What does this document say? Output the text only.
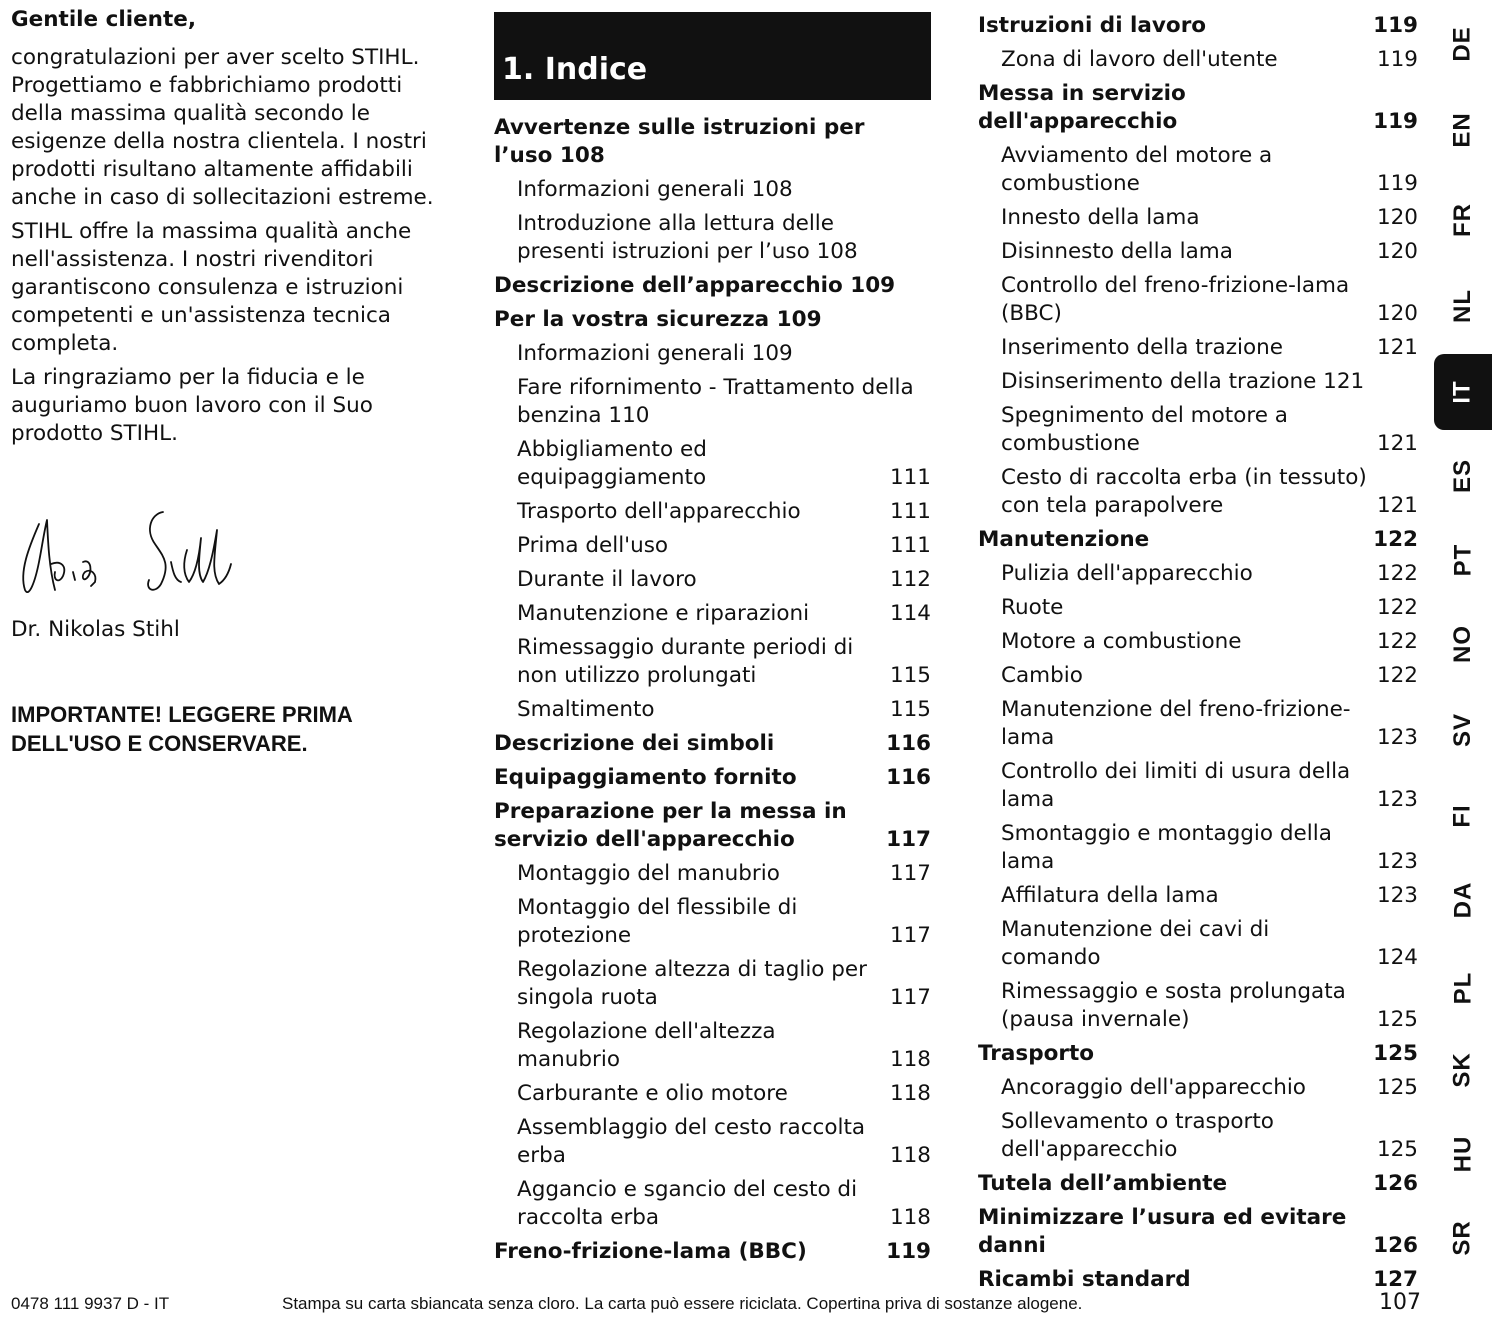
Gentile cliente,

congratulazioni per aver scelto STIHL. Progettiamo e fabbrichiamo prodotti della massima qualità secondo le esigenze della nostra clientela. I nostri prodotti risultano altamente affidabili anche in caso di sollecitazioni estreme.

STIHL offre la massima qualità anche nell'assistenza. I nostri rivenditori garantiscono consulenza e istruzioni competenti e un'assistenza tecnica completa.

La ringraziamo per la fiducia e le auguriamo buon lavoro con il Suo prodotto STIHL.

Dr. Nikolas Stihl
IMPORTANTE! LEGGERE PRIMA DELL'USO E CONSERVARE.
1. Indice
Avvertenze sulle istruzioni per l’uso 108
Informazioni generali 108
Introduzione alla lettura delle presenti istruzioni per l’uso 108
Descrizione dell’apparecchio 109
Per la vostra sicurezza 109
Informazioni generali 109
Fare rifornimento - Trattamento della benzina 110
Abbigliamento ed equipaggiamento	111
Trasporto dell'apparecchio	111
Prima dell'uso	111
Durante il lavoro	112
Manutenzione e riparazioni	114
Rimessaggio durante periodi di non utilizzo prolungati	115
Smaltimento	115
Descrizione dei simboli	116
Equipaggiamento fornito	116
Preparazione per la messa in servizio dell'apparecchio	117
Montaggio del manubrio	117
Montaggio del flessibile di protezione	117
Regolazione altezza di taglio per singola ruota	117
Regolazione dell'altezza manubrio	118
Carburante e olio motore	118
Assemblaggio del cesto raccolta erba	118
Aggancio e sgancio del cesto di raccolta erba	118
Freno-frizione-lama (BBC)	119
Istruzioni di lavoro	119
Zona di lavoro dell'utente	119
Messa in servizio dell'apparecchio	119
Avviamento del motore a combustione	119
Innesto della lama	120
Disinnesto della lama	120
Controllo del freno-frizione-lama (BBC)	120
Inserimento della trazione	121
Disinserimento della trazione 121
Spegnimento del motore a combustione	121
Cesto di raccolta erba (in tessuto) con tela parapolvere	121
Manutenzione	122
Pulizia dell'apparecchio	122
Ruote	122
Motore a combustione	122
Cambio	122
Manutenzione del freno-frizione-lama	123
Controllo dei limiti di usura della lama	123
Smontaggio e montaggio della lama	123
Affilatura della lama	123
Manutenzione dei cavi di comando	124
Rimessaggio e sosta prolungata (pausa invernale)	125
Trasporto	125
Ancoraggio dell'apparecchio	125
Sollevamento o trasporto dell'apparecchio	125
Tutela dell’ambiente	126
Minimizzare l’usura ed evitare danni	126
Ricambi standard	127
DE
EN
FR
NL
IT
ES
PT
NO
SV
FI
DA
PL
SK
HU
SR
0478 111 9937 D - IT	Stampa su carta sbiancata senza cloro. La carta può essere riciclata. Copertina priva di sostanze alogene.	107
